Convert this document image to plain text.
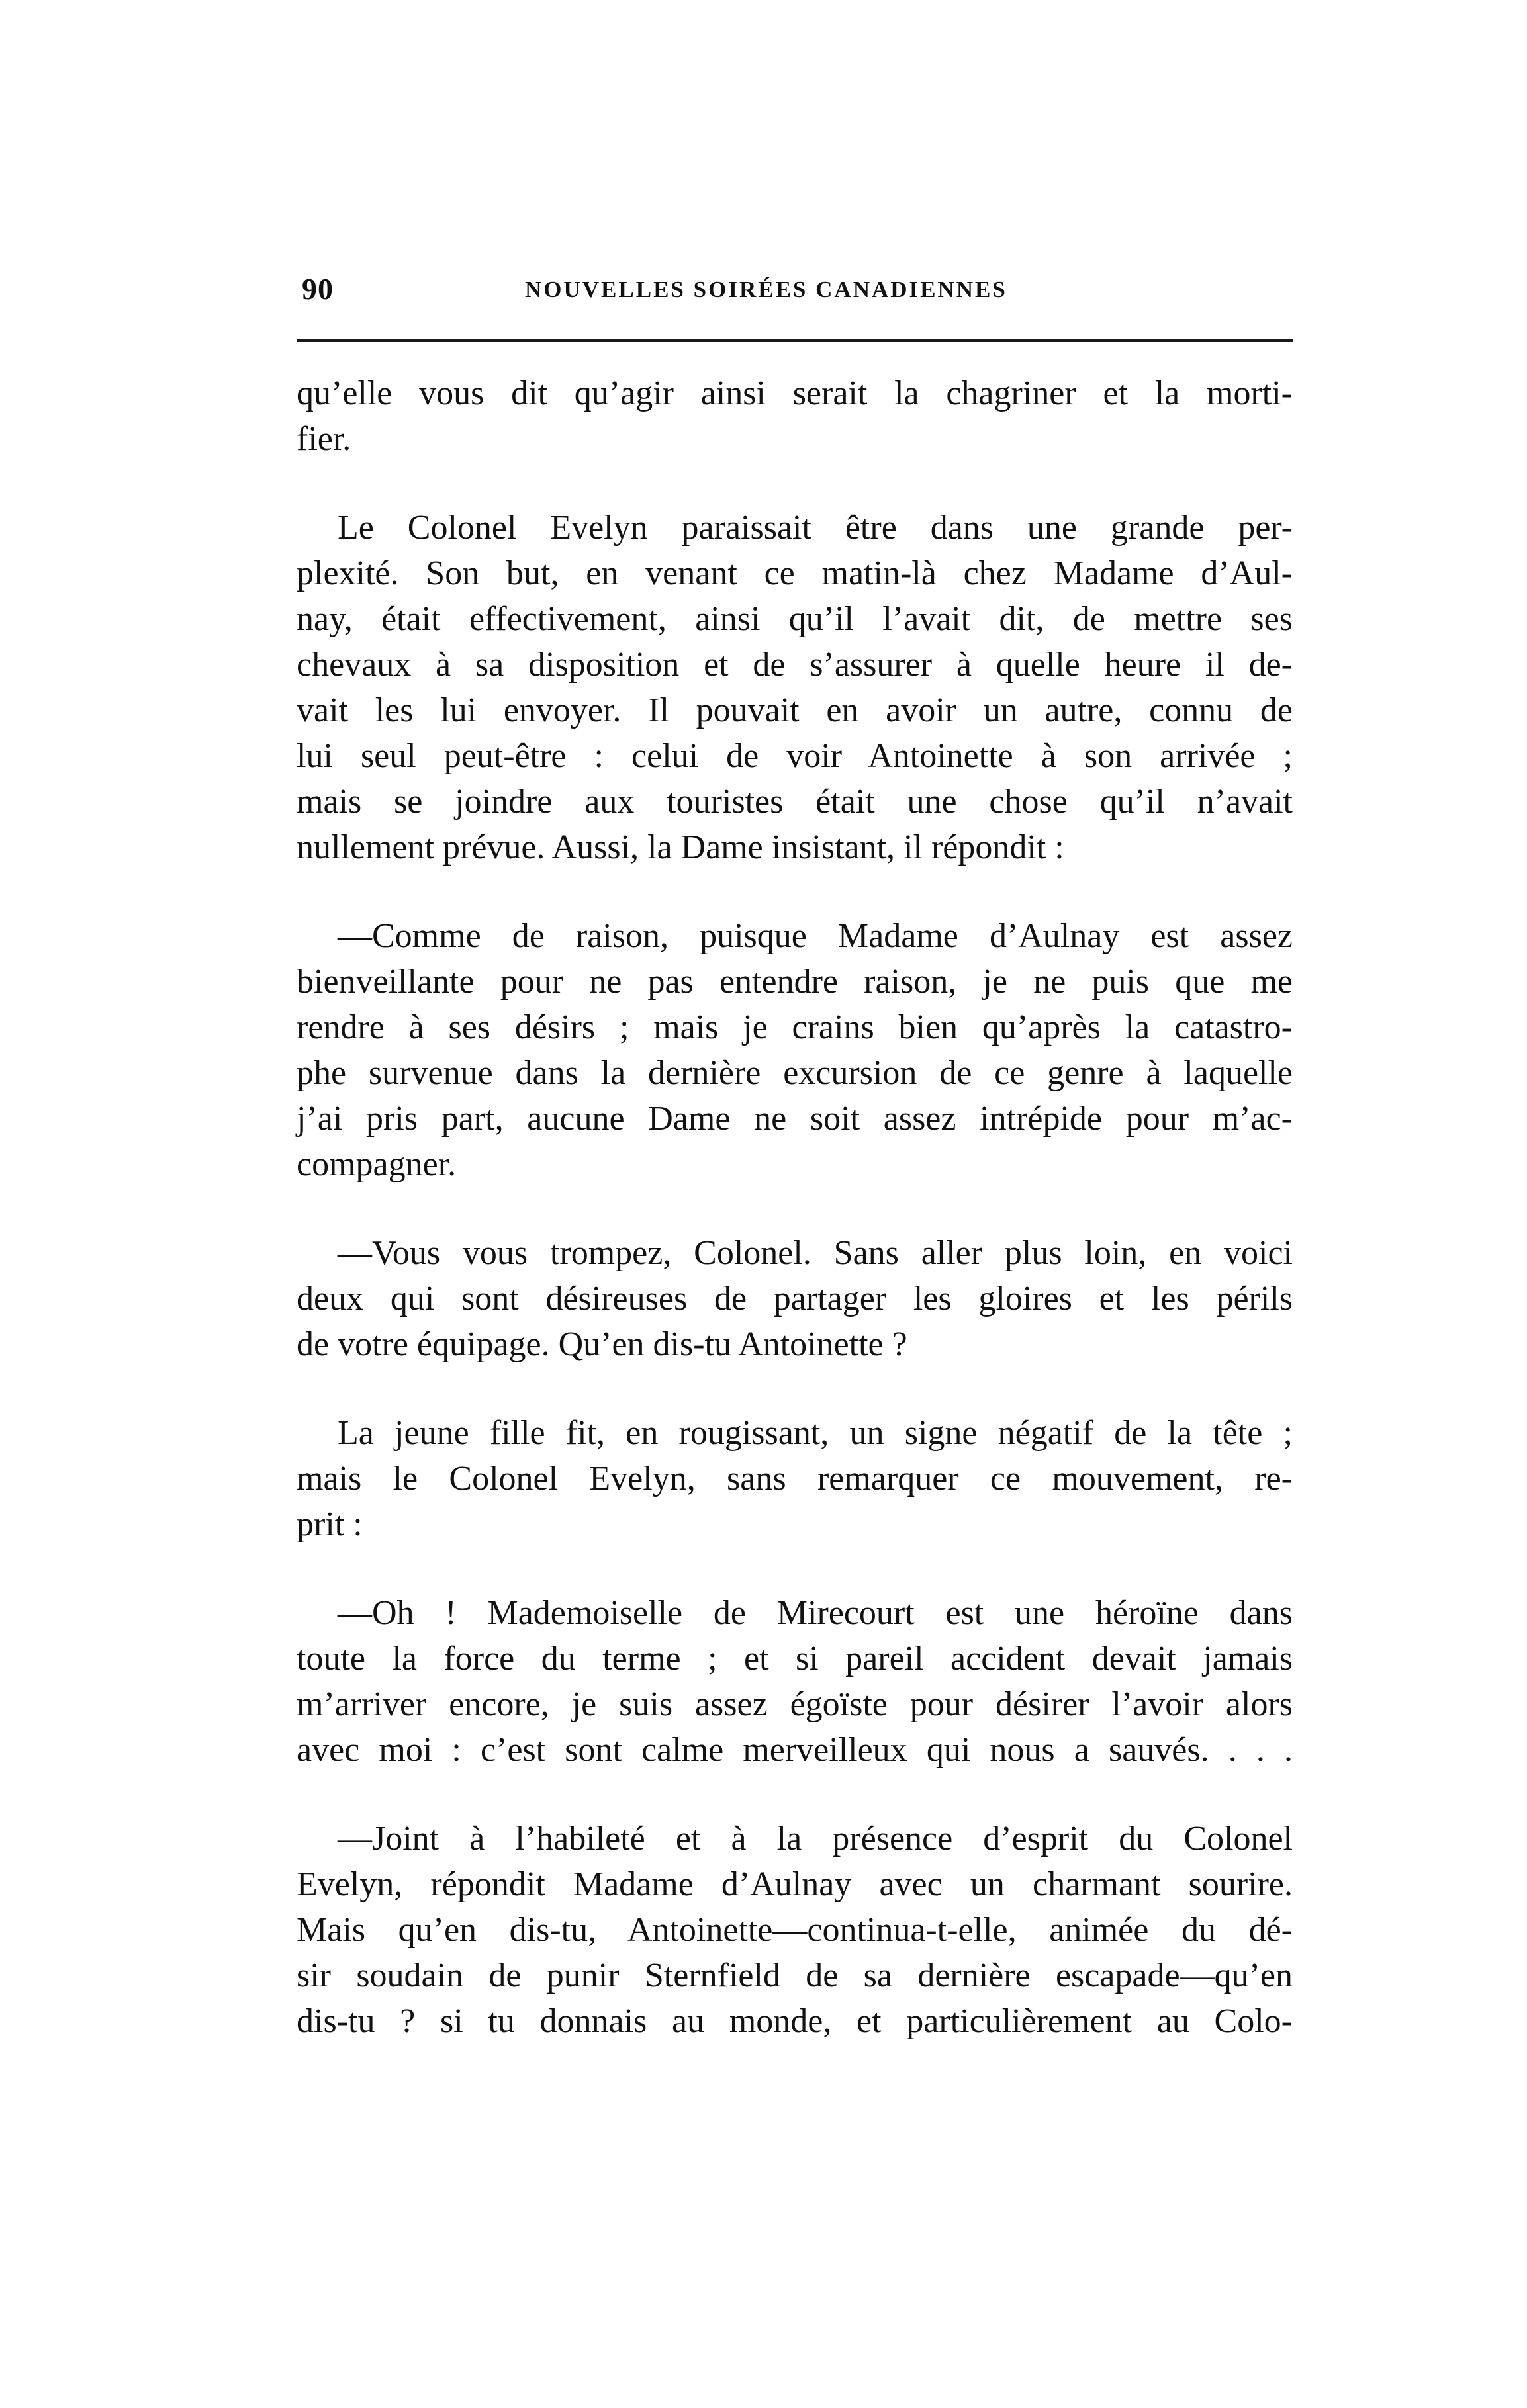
90	NOUVELLES SOIRÉES CANADIENNES
qu’elle vous dit qu’agir ainsi serait la chagriner et la morti-
fier.
Le Colonel Evelyn paraissait être dans une grande per-
plexité. Son but, en venant ce matin-là chez Madame d’Aul-
nay, était effectivement, ainsi qu’il l’avait dit, de mettre ses
chevaux à sa disposition et de s’assurer à quelle heure il de-
vait les lui envoyer. Il pouvait en avoir un autre, connu de
lui seul peut-être : celui de voir Antoinette à son arrivée ;
mais se joindre aux touristes était une chose qu’il n’avait
nullement prévue. Aussi, la Dame insistant, il répondit :
—Comme de raison, puisque Madame d’Aulnay est assez
bienveillante pour ne pas entendre raison, je ne puis que me
rendre à ses désirs ; mais je crains bien qu’après la catastro-
phe survenue dans la dernière excursion de ce genre à laquelle
j’ai pris part, aucune Dame ne soit assez intrépide pour m’ac-
compagner.
—Vous vous trompez, Colonel. Sans aller plus loin, en voici
deux qui sont désireuses de partager les gloires et les périls
de votre équipage. Qu’en dis-tu Antoinette ?
La jeune fille fit, en rougissant, un signe négatif de la tête ;
mais le Colonel Evelyn, sans remarquer ce mouvement, re-
prit :
—Oh ! Mademoiselle de Mirecourt est une héroïne dans
toute la force du terme ; et si pareil accident devait jamais
m’arriver encore, je suis assez égoïste pour désirer l’avoir alors
avec moi : c’est sont calme merveilleux qui nous a sauvés. . . .
—Joint à l’habileté et à la présence d’esprit du Colonel
Evelyn, répondit Madame d’Aulnay avec un charmant sourire.
Mais qu’en dis-tu, Antoinette—continua-t-elle, animée du dé-
sir soudain de punir Sternfield de sa dernière escapade—qu’en
dis-tu ? si tu donnais au monde, et particulièrement au Colo-
